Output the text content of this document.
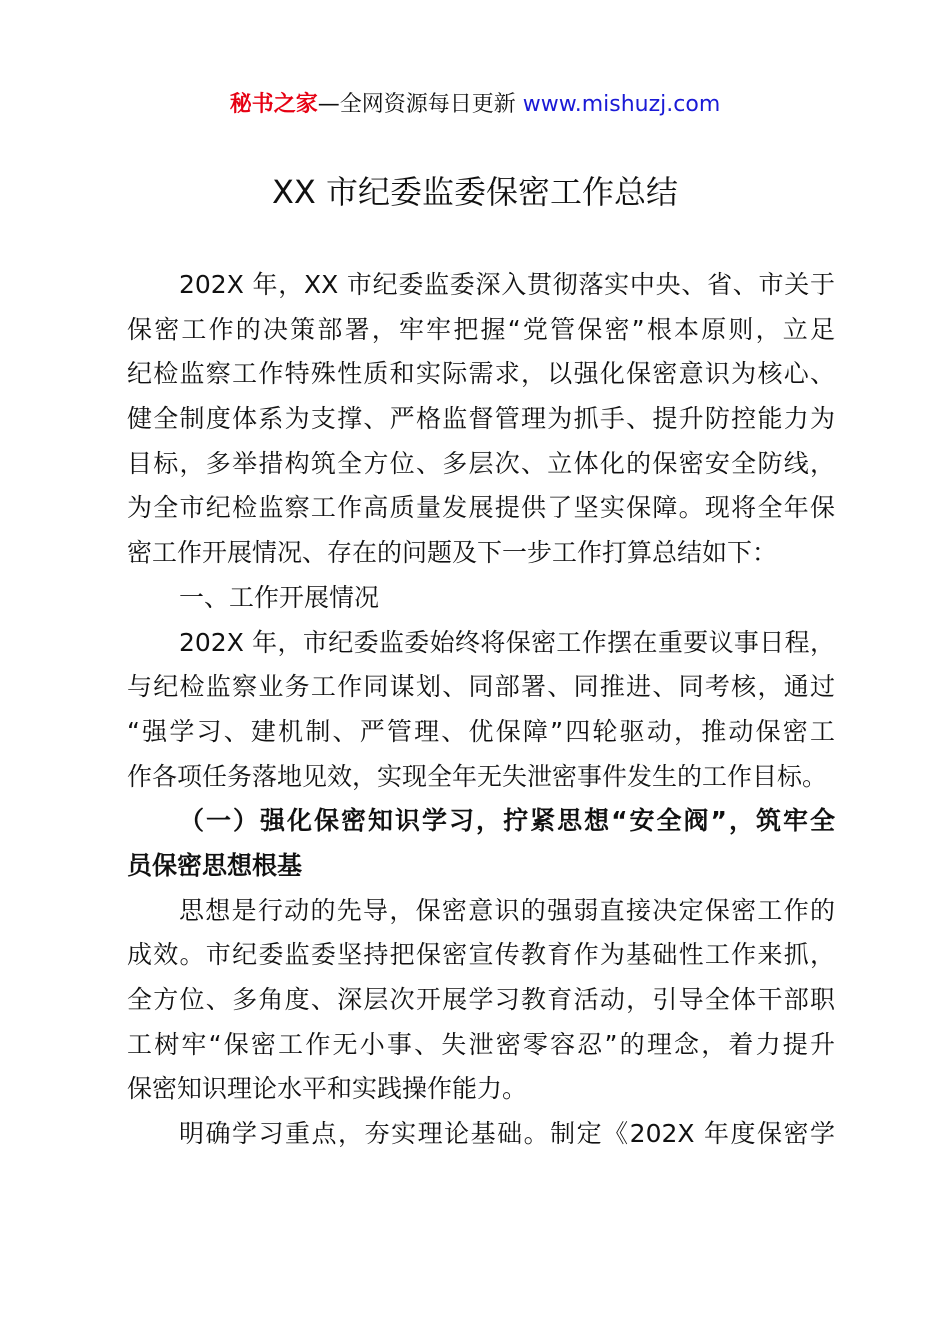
秘书之家—全网资源每日更新 www.mishuzj.com
XX 市纪委监委保密工作总结
202X 年，XX 市纪委监委深入贯彻落实中央、省、市关于
保密工作的决策部署，牢牢把握“党管保密”根本原则，立足
纪检监察工作特殊性质和实际需求，以强化保密意识为核心、
健全制度体系为支撑、严格监督管理为抓手、提升防控能力为
目标，多举措构筑全方位、多层次、立体化的保密安全防线，
为全市纪检监察工作高质量发展提供了坚实保障。现将全年保
密工作开展情况、存在的问题及下一步工作打算总结如下：
一、工作开展情况
202X 年，市纪委监委始终将保密工作摆在重要议事日程，
与纪检监察业务工作同谋划、同部署、同推进、同考核，通过
“强学习、建机制、严管理、优保障”四轮驱动，推动保密工
作各项任务落地见效，实现全年无失泄密事件发生的工作目标。
（一）强化保密知识学习，拧紧思想“安全阀”，筑牢全
员保密思想根基
思想是行动的先导，保密意识的强弱直接决定保密工作的
成效。市纪委监委坚持把保密宣传教育作为基础性工作来抓，
全方位、多角度、深层次开展学习教育活动，引导全体干部职
工树牢“保密工作无小事、失泄密零容忍”的理念，着力提升
保密知识理论水平和实践操作能力。
明确学习重点，夯实理论基础。制定《202X 年度保密学
